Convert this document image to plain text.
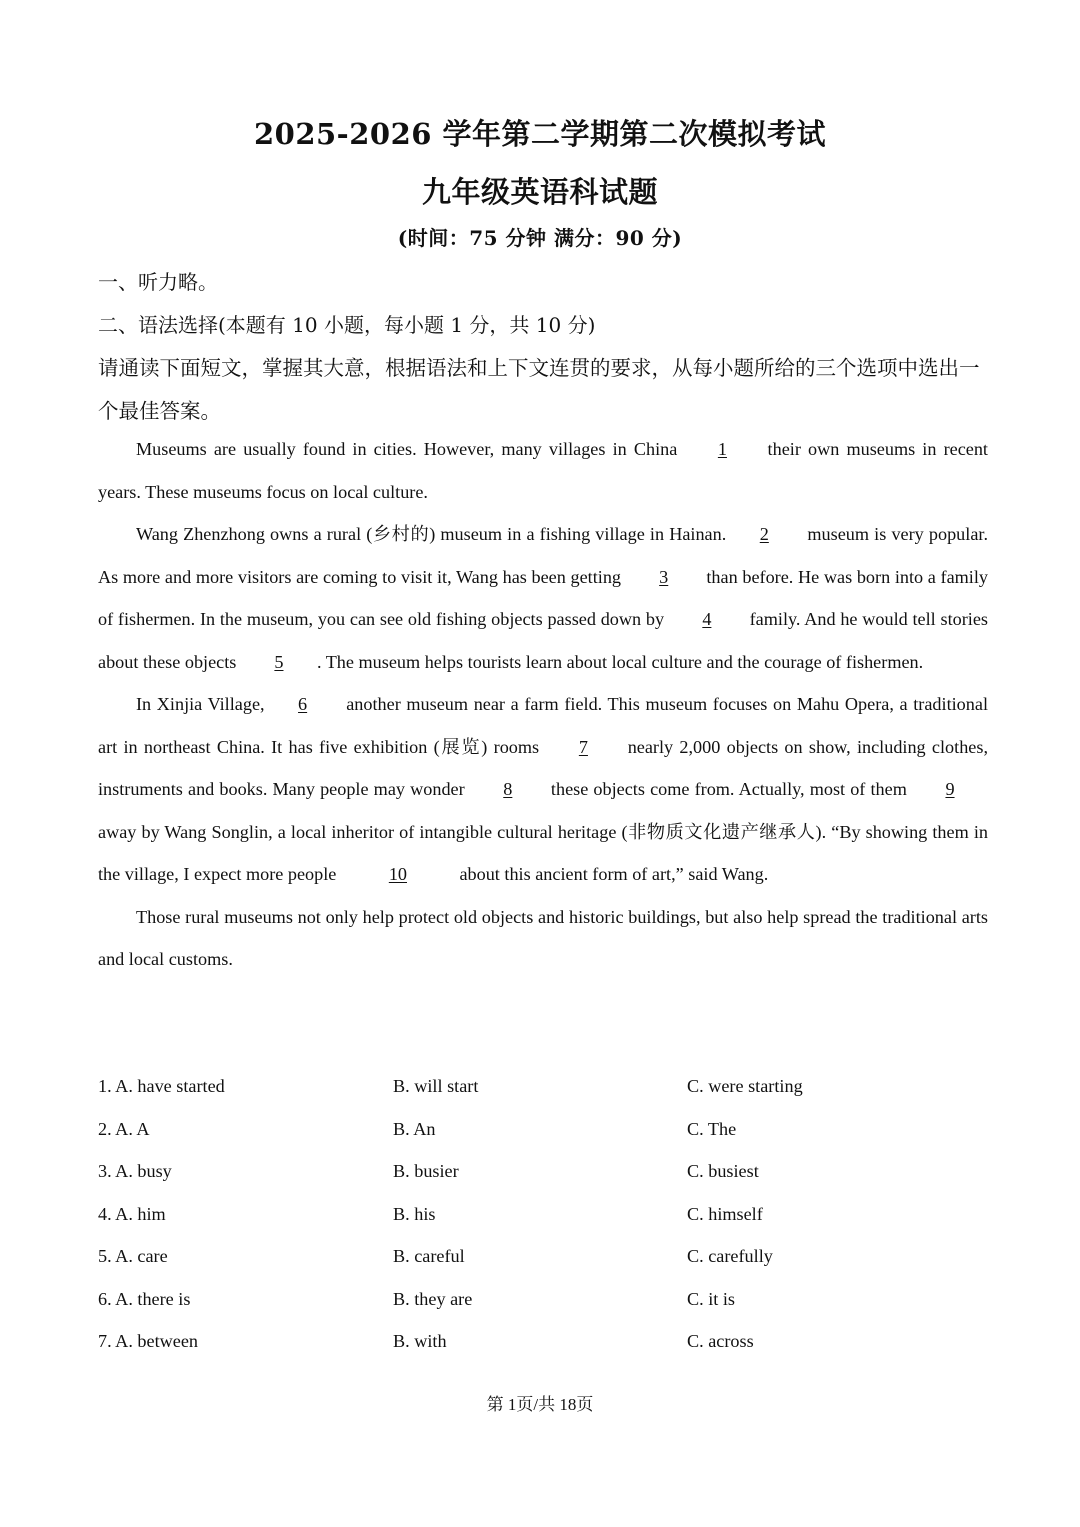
2025-2026 学年第二学期第二次模拟考试
九年级英语科试题
(时间：75 分钟 满分：90 分)
一、听力略。
二、语法选择(本题有 10 小题，每小题 1 分，共 10 分)
请通读下面短文，掌握其大意，根据语法和上下文连贯的要求，从每小题所给的三个选项中选出一个最佳答案。

Museums are usually found in cities. However, many villages in China 1 their own museums in recent years. These museums focus on local culture.

Wang Zhenzhong owns a rural (乡村的) museum in a fishing village in Hainan. 2 museum is very popular. As more and more visitors are coming to visit it, Wang has been getting 3 than before. He was born into a family of fishermen. In the museum, you can see old fishing objects passed down by 4 family. And he would tell stories about these objects 5 . The museum helps tourists learn about local culture and the courage of fishermen.

In Xinjia Village, 6 another museum near a farm field. This museum focuses on Mahu Opera, a traditional art in northeast China. It has five exhibition (展览) rooms 7 nearly 2,000 objects on show, including clothes, instruments and books. Many people may wonder 8 these objects come from. Actually, most of them 9 away by Wang Songlin, a local inheritor of intangible cultural heritage (非物质文化遗产继承人). “By showing them in the village, I expect more people	10	about this ancient form of art,” said Wang.

Those rural museums not only help protect old objects and historic buildings, but also help spread the traditional arts and local customs.

1. A. have started	B. will start	C. were starting
2. A. A	B. An	C. The
3. A. busy	B. busier	C. busiest
4. A. him	B. his	C. himself
5. A. care	B. careful	C. carefully
6. A. there is	B. they are	C. it is
7. A. between	B. with	C. across
第 1页/共 18页
